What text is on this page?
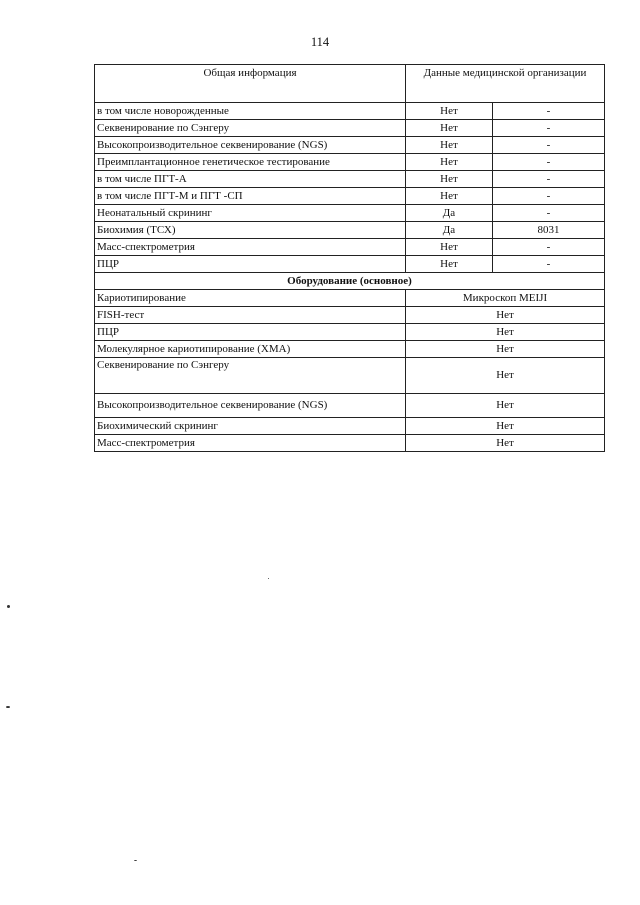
114
Общая информация	Данные медицинской организации	
в том числе новорожденные	Нет	-
Секвенирование по Сэнгеру	Нет	-
Высокопроизводительное секвенирование (NGS)	Нет	-
Преимплантационное генетическое тестирование	Нет	-
в том числе ПГТ-А	Нет	-
в том числе ПГТ-М и ПГТ -СП	Нет	-
Неонатальный скрининг	Да	-
Биохимия (ТСХ)	Да	8031
Масс-спектрометрия	Нет	-
ПЦР	Нет	-
Оборудование (основное)		
Кариотипирование	Микроскоп МЕIJI	
FISH-тест	Нет	
ПЦР	Нет	
Молекулярное кариотипирование (ХМА)	Нет	
Секвенирование по Сэнгеру	Нет	
Высокопроизводительное секвенирование (NGS)	Нет	
Биохимический скрининг	Нет	
Масс-спектрометрия	Нет	
